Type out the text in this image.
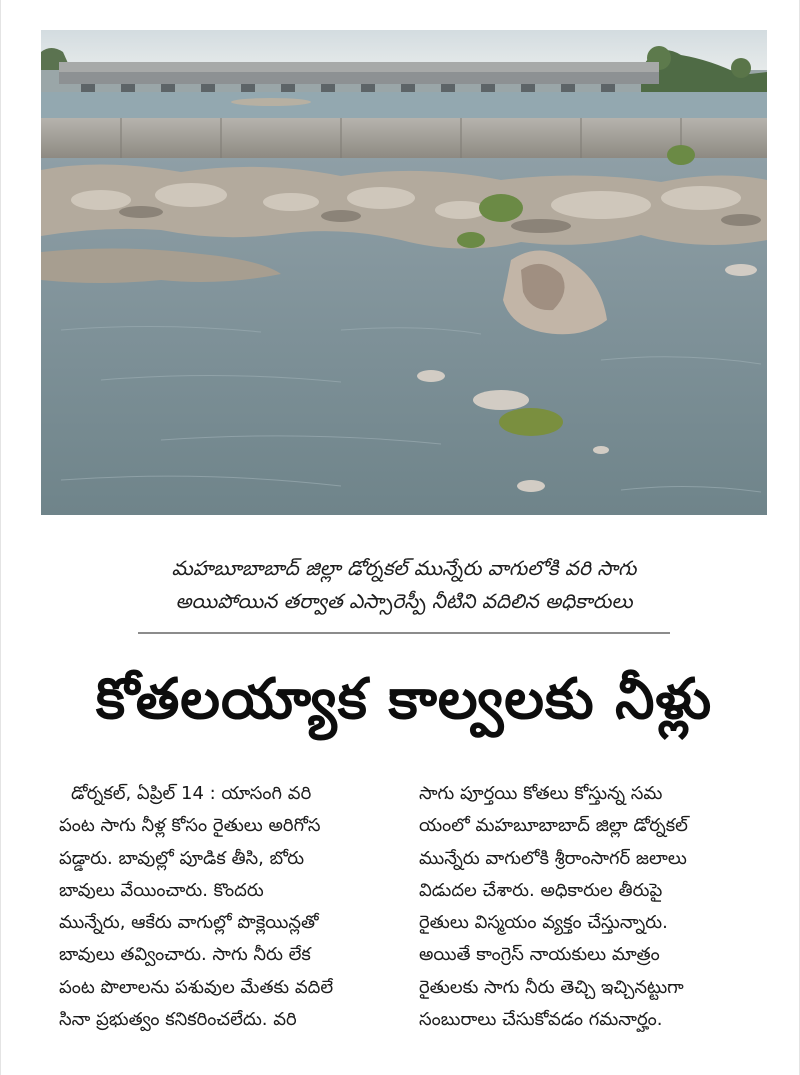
మహబూబాబాద్‌ జిల్లా డోర్నకల్‌ మున్నేరు వాగులోకి వరి సాగు
అయిపోయిన తర్వాత ఎస్సారెస్పీ నీటిని వదిలిన అధికారులు
కోతలయ్యాక కాల్వలకు నీళ్లు
డోర్నకల్‌, ఏప్రిల్‌ 14 : యాసంగి వరి
పంట సాగు నీళ్ల కోసం రైతులు అరిగోస
పడ్డారు. బావుల్లో పూడిక తీసి, బోరు
బావులు వేయించారు. కొందరు
మున్నేరు, ఆకేరు వాగుల్లో పొక్లెయిన్లతో
బావులు తవ్వించారు. సాగు నీరు లేక
పంట పొలాలను పశువుల మేతకు వదిలే
సినా ప్రభుత్వం కనికరించలేదు. వరి
సాగు పూర్తయి కోతలు కోస్తున్న సమ
యంలో మహబూబాబాద్‌ జిల్లా డోర్నకల్‌
మున్నేరు వాగులోకి శ్రీరాంసాగర్‌ జలాలు
విడుదల చేశారు. అధికారుల తీరుపై
రైతులు విస్మయం వ్యక్తం చేస్తున్నారు.
అయితే కాంగ్రెస్‌ నాయకులు మాత్రం
రైతులకు సాగు నీరు తెచ్చి ఇచ్చినట్టుగా
సంబురాలు చేసుకోవడం గమనార్హం.
